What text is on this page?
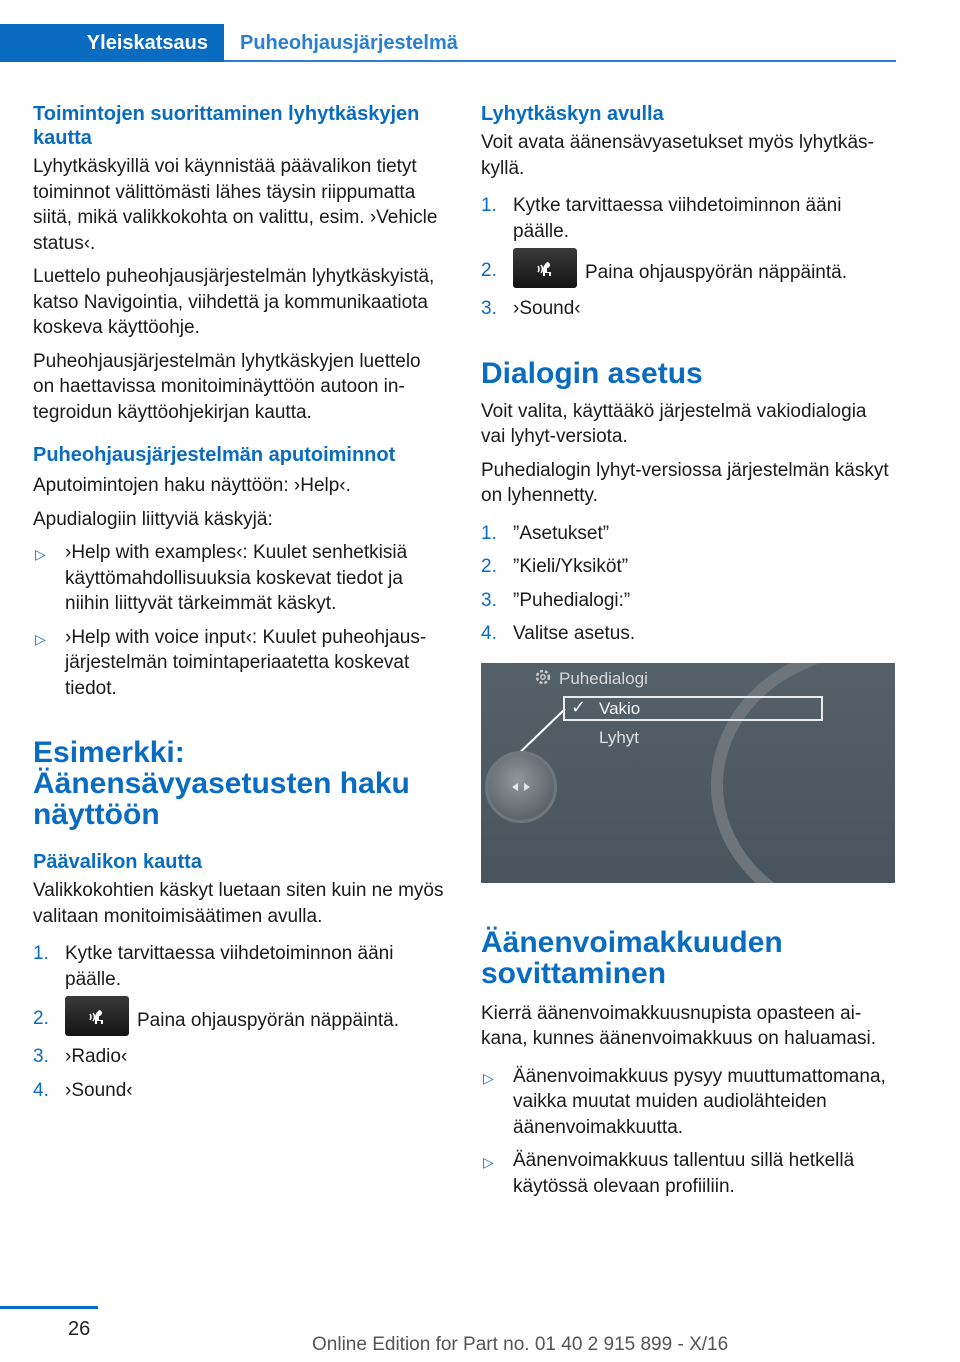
Yleiskatsaus	Puheohjausjärjestelmä
Toimintojen suorittaminen lyhytkäskyjen kautta

Lyhytkäskyillä voi käynnistää päävalikon tietyt toiminnot välittömästi lähes täysin riippumatta siitä, mikä valikkokohta on valittu, esim. ›Vehicle status‹.

Luettelo puheohjausjärjestelmän lyhytkäskyistä, katso Navigointia, viihdettä ja kommunikaatiota koskeva käyttöohje.

Puheohjausjärjestelmän lyhytkäskyjen luettelo on haettavissa monitoiminäyttöön autoon integroidun käyttöohjekirjan kautta.

Puheohjausjärjestelmän aputoiminnot

Aputoimintojen haku näyttöön: ›Help‹.

Apudialogiin liittyviä käskyjä:

▷ ›Help with examples‹: Kuulet senhetkisiä käyttömahdollisuuksia koskevat tiedot ja niihin liittyvät tärkeimmät käskyt.
▷ ›Help with voice input‹: Kuulet puheohjausjärjestelmän toimintaperiaatetta koskevat tiedot.
Esimerkki: Äänensävyasetusten haku näyttöön
Päävalikon kautta

Valikkokohtien käskyt luetaan siten kuin ne myös valitaan monitoimisäätimen avulla.

1. Kytke tarvittaessa viihdetoiminnon ääni päälle.
2.	Paina ohjauspyörän näppäintä.
3. ›Radio‹
4. ›Sound‹
Lyhytkäskyn avulla

Voit avata äänensävyasetukset myös lyhytkäskyllä.

1. Kytke tarvittaessa viihdetoiminnon ääni päälle.
2.	Paina ohjauspyörän näppäintä.
3. ›Sound‹
Dialogin asetus

Voit valita, käyttääkö järjestelmä vakiodialogia vai lyhyt-versiota.

Puhedialogin lyhyt-versiossa järjestelmän käskyt on lyhennetty.

1. ”Asetukset”
2. ”Kieli/Yksiköt”
3. ”Puhedialogi:”
4. Valitse asetus.
Puhedialogi
✓ Vakio
Lyhyt
Äänenvoimakkuuden sovittaminen

Kierrä äänenvoimakkuusnupista opasteen aikana, kunnes äänenvoimakkuus on haluamasi.

▷ Äänenvoimakkuus pysyy muuttumattomana, vaikka muutat muiden audiolähteiden äänenvoimakkuutta.
▷ Äänenvoimakkuus tallentuu sillä hetkellä käytössä olevaan profiiliin.
26
Online Edition for Part no. 01 40 2 915 899 - X/16
